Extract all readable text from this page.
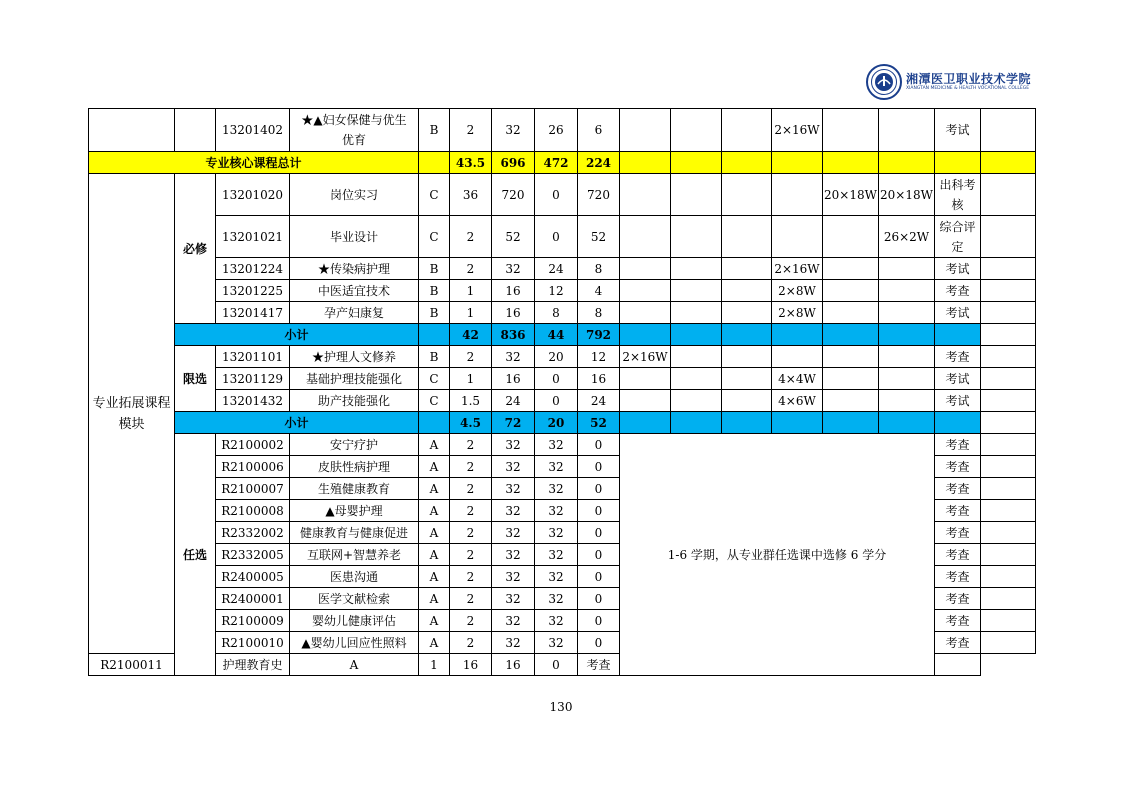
湘潭医卫职业技术学院
XIANGTAN MEDICINE & HEALTH VOCATIONAL COLLEGE
		13201402	★▲妇女保健与优生优育	B	2	32	26	6				2×16W			考试	
专业核心课程总计					43.5	696	472	224								
专业拓展课程模块	必修	13201020	岗位实习	C	36	720	0	720					20×18W	20×18W	出科考核	
		13201021	毕业设计	C	2	52	0	52						26×2W	综合评定	
		13201224	★传染病护理	B	2	32	24	8				2×16W			考试	
		13201225	中医适宜技术	B	1	16	12	4				2×8W			考查	
		13201417	孕产妇康复	B	1	16	8	8				2×8W			考试	
	小计				42	836	44	792								
	限选	13201101	★护理人文修养	B	2	32	20	12	2×16W						考查	
		13201129	基础护理技能强化	C	1	16	0	16				4×4W			考试	
		13201432	助产技能强化	C	1.5	24	0	24				4×6W			考试	
	小计				4.5	72	20	52								
	任选	R2100002	安宁疗护	A	2	32	32	0	1-6 学期，从专业群任选课中选修 6 学分						考查	
		R2100006	皮肤性病护理	A	2	32	32	0							考查	
		R2100007	生殖健康教育	A	2	32	32	0							考查	
		R2100008	▲母婴护理	A	2	32	32	0							考查	
		R2332002	健康教育与健康促进	A	2	32	32	0							考查	
		R2332005	互联网+智慧养老	A	2	32	32	0							考查	
		R2400005	医患沟通	A	2	32	32	0							考查	
		R2400001	医学文献检索	A	2	32	32	0							考查	
		R2100009	婴幼儿健康评估	A	2	32	32	0							考查	
		R2100010	▲婴幼儿回应性照料	A	2	32	32	0							考查	
R2100011		护理教育史	A	1	16	16	0	考查								
130
